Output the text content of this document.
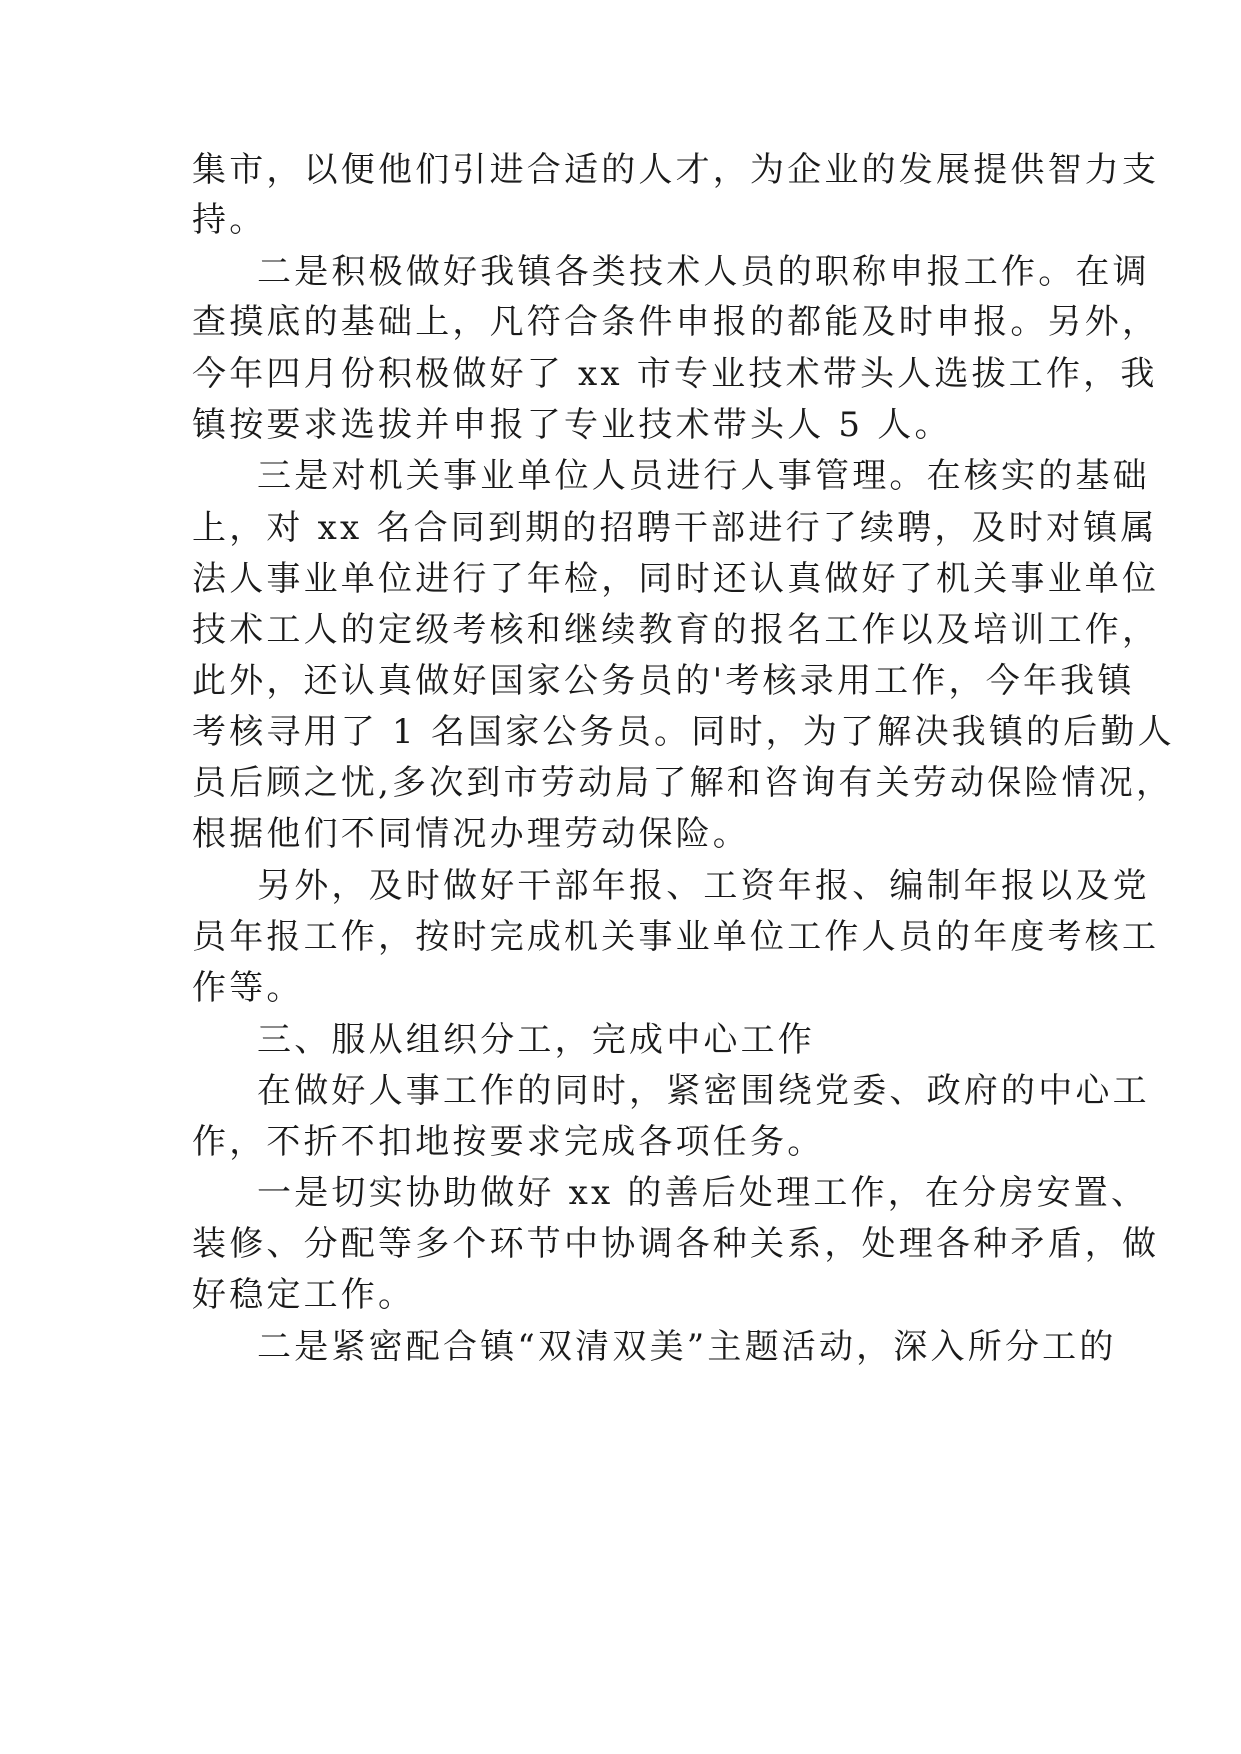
集市，以便他们引进合适的人才，为企业的发展提供智力支
持。
二是积极做好我镇各类技术人员的职称申报工作。在调
查摸底的基础上，凡符合条件申报的都能及时申报。另外，
今年四月份积极做好了 xx 市专业技术带头人选拔工作，我
镇按要求选拔并申报了专业技术带头人 5 人。
三是对机关事业单位人员进行人事管理。在核实的基础
上，对 xx 名合同到期的招聘干部进行了续聘，及时对镇属
法人事业单位进行了年检，同时还认真做好了机关事业单位
技术工人的定级考核和继续教育的报名工作以及培训工作，
此外，还认真做好国家公务员的'考核录用工作，今年我镇
考核寻用了 1 名国家公务员。同时，为了解决我镇的后勤人
员后顾之忧,多次到市劳动局了解和咨询有关劳动保险情况，
根据他们不同情况办理劳动保险。
另外，及时做好干部年报、工资年报、编制年报以及党
员年报工作，按时完成机关事业单位工作人员的年度考核工
作等。
三、服从组织分工，完成中心工作
在做好人事工作的同时，紧密围绕党委、政府的中心工
作，不折不扣地按要求完成各项任务。
一是切实协助做好 xx 的善后处理工作，在分房安置、
装修、分配等多个环节中协调各种关系，处理各种矛盾，做
好稳定工作。
二是紧密配合镇“双清双美”主题活动，深入所分工的
